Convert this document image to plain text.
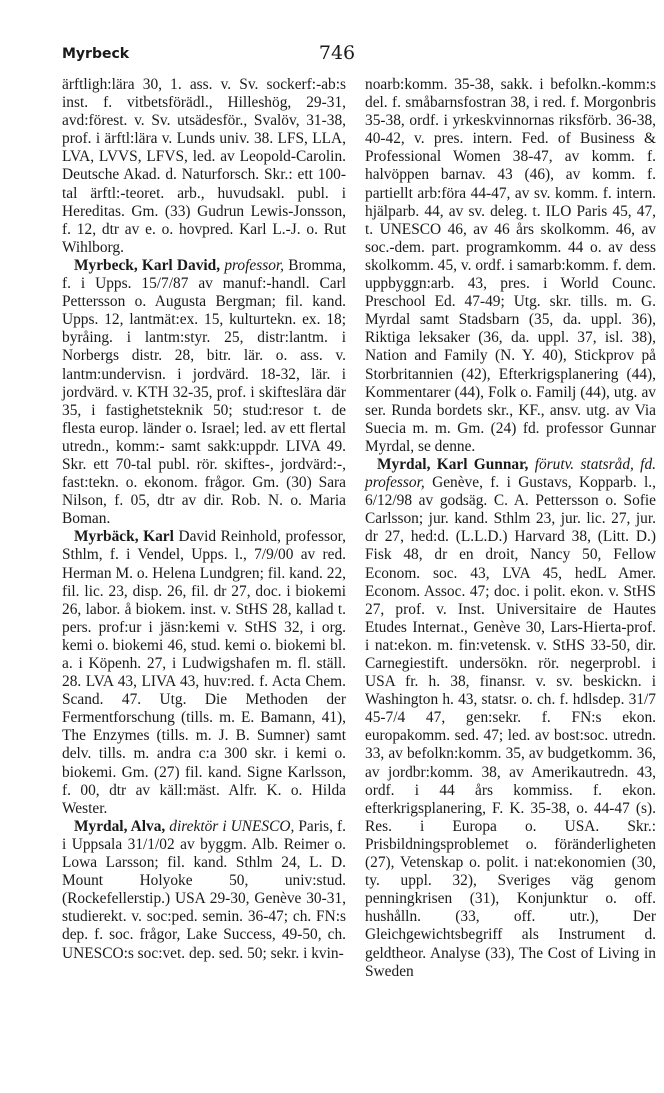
Myrbeck	746

ärftligh:lära 30, 1. ass. v. Sv. sockerf:-ab:s inst. f. vitbetsförädl., Hilleshög, 29-31, avd:förest. v. Sv. utsädesför., Svalöv, 31-38, prof. i ärftl:lära v. Lunds univ. 38. LFS, LLA, LVA, LVVS, LFVS, led. av Leopold-Carolin. Deutsche Akad. d. Naturforsch. Skr.: ett 100-tal ärftl:-teoret. arb., huvudsakl. publ. i Hereditas. Gm. (33) Gudrun Lewis-Jonsson, f. 12, dtr av e. o. hovpred. Karl L.-J. o. Rut Wihlborg.

Myrbeck, Karl David, professor, Bromma, f. i Upps. 15/7/87 av manuf:-handl. Carl Pettersson o. Augusta Bergman; fil. kand. Upps. 12, lantmät:ex. 15, kulturtekn. ex. 18; byråing. i lantm:styr. 25, distr:lantm. i Norbergs distr. 28, bitr. lär. o. ass. v. lantm:undervisn. i jordvärd. 18-32, lär. i jordvärd. v. KTH 32-35, prof. i skifteslära där 35, i fastighetsteknik 50; stud:resor t. de flesta europ. länder o. Israel; led. av ett flertal utredn., komm:- samt sakk:uppdr. LIVA 49. Skr. ett 70-tal publ. rör. skiftes-, jordvärd:-, fast:tekn. o. ekonom. frågor. Gm. (30) Sara Nilson, f. 05, dtr av dir. Rob. N. o. Maria Boman.

Myrbäck, Karl David Reinhold, professor, Sthlm, f. i Vendel, Upps. l., 7/9/00 av red. Herman M. o. Helena Lundgren; fil. kand. 22, fil. lic. 23, disp. 26, fil. dr 27, doc. i biokemi 26, labor. å biokem. inst. v. StHS 28, kallad t. pers. prof:ur i jäsn:kemi v. StHS 32, i org. kemi o. biokemi 46, stud. kemi o. biokemi bl. a. i Köpenh. 27, i Ludwigshafen m. fl. ställ. 28. LVA 43, LIVA 43, huv:red. f. Acta Chem. Scand. 47. Utg. Die Methoden der Fermentforschung (tills. m. E. Bamann, 41), The Enzymes (tills. m. J. B. Sumner) samt delv. tills. m. andra c:a 300 skr. i kemi o. biokemi. Gm. (27) fil. kand. Signe Karlsson, f. 00, dtr av käll:mäst. Alfr. K. o. Hilda Wester.

Myrdal, Alva, direktör i UNESCO, Paris, f. i Uppsala 31/1/02 av byggm. Alb. Reimer o. Lowa Larsson; fil. kand. Sthlm 24, L. D. Mount Holyoke 50, univ:stud. (Rockefellerstip.) USA 29-30, Genève 30-31, studierekt. v. soc:ped. semin. 36-47; ch. FN:s dep. f. soc. frågor, Lake Success, 49-50, ch. UNESCO:s soc:vet. dep. sed. 50; sekr. i kvin-

noarb:komm. 35-38, sakk. i befolkn.-komm:s del. f. småbarnsfostran 38, i red. f. Morgonbris 35-38, ordf. i yrkeskvinnornas riksförb. 36-38, 40-42, v. pres. intern. Fed. of Business & Professional Women 38-47, av komm. f. halvöppen barnav. 43 (46), av komm. f. partiellt arb:föra 44-47, av sv. komm. f. intern. hjälparb. 44, av sv. deleg. t. ILO Paris 45, 47, t. UNESCO 46, av 46 års skolkomm. 46, av soc.-dem. part. programkomm. 44 o. av dess skolkomm. 45, v. ordf. i samarb:komm. f. dem. uppbyggn:arb. 43, pres. i World Counc. Preschool Ed. 47-49; Utg. skr. tills. m. G. Myrdal samt Stadsbarn (35, da. uppl. 36), Riktiga leksaker (36, da. uppl. 37, isl. 38), Nation and Family (N. Y. 40), Stickprov på Storbritannien (42), Efterkrigsplanering (44), Kommentarer (44), Folk o. Familj (44), utg. av ser. Runda bordets skr., KF., ansv. utg. av Via Suecia m. m. Gm. (24) fd. professor Gunnar Myrdal, se denne.

Myrdal, Karl Gunnar, förutv. statsråd, fd. professor, Genève, f. i Gustavs, Kopparb. l., 6/12/98 av godsäg. C. A. Pettersson o. Sofie Carlsson; jur. kand. Sthlm 23, jur. lic. 27, jur. dr 27, hed:d. (L.L.D.) Harvard 38, (Litt. D.) Fisk 48, dr en droit, Nancy 50, Fellow Econom. soc. 43, LVA 45, hedL Amer. Econom. Assoc. 47; doc. i polit. ekon. v. StHS 27, prof. v. Inst. Universitaire de Hautes Etudes Internat., Genève 30, Lars-Hierta-prof. i nat:ekon. m. fin:vetensk. v. StHS 33-50, dir. Carnegiestift. undersökn. rör. negerprobl. i USA fr. h. 38, finansr. v. sv. beskickn. i Washington h. 43, statsr. o. ch. f. hdlsdep. 31/7 45-7/4 47, gen:sekr. f. FN:s ekon. europakomm. sed. 47; led. av bost:soc. utredn. 33, av befolkn:komm. 35, av budgetkomm. 36, av jordbr:komm. 38, av Amerikautredn. 43, ordf. i 44 års kommiss. f. ekon. efterkrigsplanering, F. K. 35-38, o. 44-47 (s). Res. i Europa o. USA. Skr.: Prisbildningsproblemet o. föränderligheten (27), Vetenskap o. polit. i nat:ekonomien (30, ty. uppl. 32), Sveriges väg genom penningkrisen (31), Konjunktur o. off. hushålln. (33, off. utr.), Der Gleichgewichtsbegriff als Instrument d. geldtheor. Analyse (33), The Cost of Living in Sweden
